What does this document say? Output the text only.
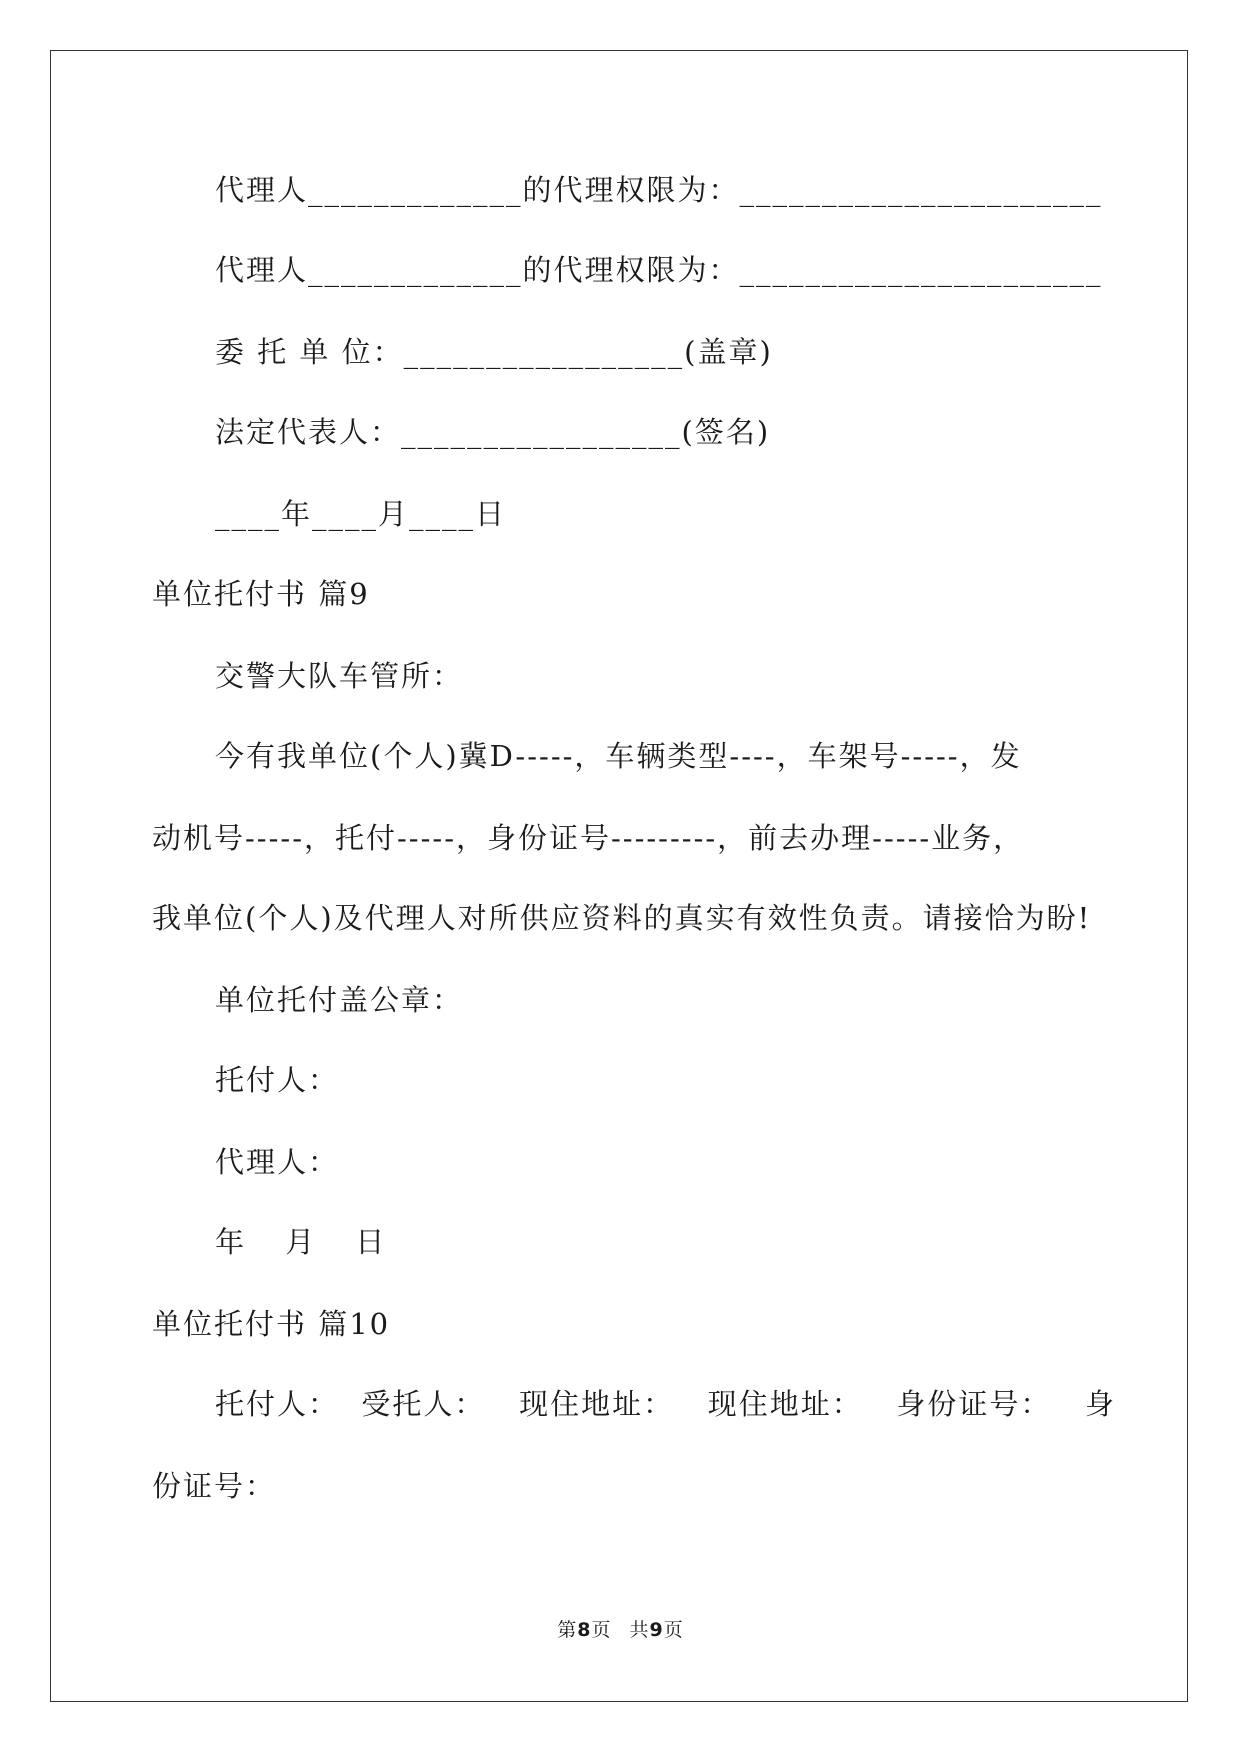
代理人_____________的代理权限为：______________________
代理人_____________的代理权限为：______________________
委 托 单 位：_________________(盖章)
法定代表人：_________________(签名)
____年____月____日
单位托付书 篇9
交警大队车管所：
今有我单位(个人)冀D-----，车辆类型----，车架号-----，发
动机号-----，托付-----，身份证号---------，前去办理-----业务，
我单位(个人)及代理人对所供应资料的真实有效性负责。请接恰为盼!
单位托付盖公章：
托付人：
代理人：
年 月 日
单位托付书 篇10
托付人：  受托人：   现住地址：   现住地址：   身份证号：   身
份证号：
第8页 共9页
